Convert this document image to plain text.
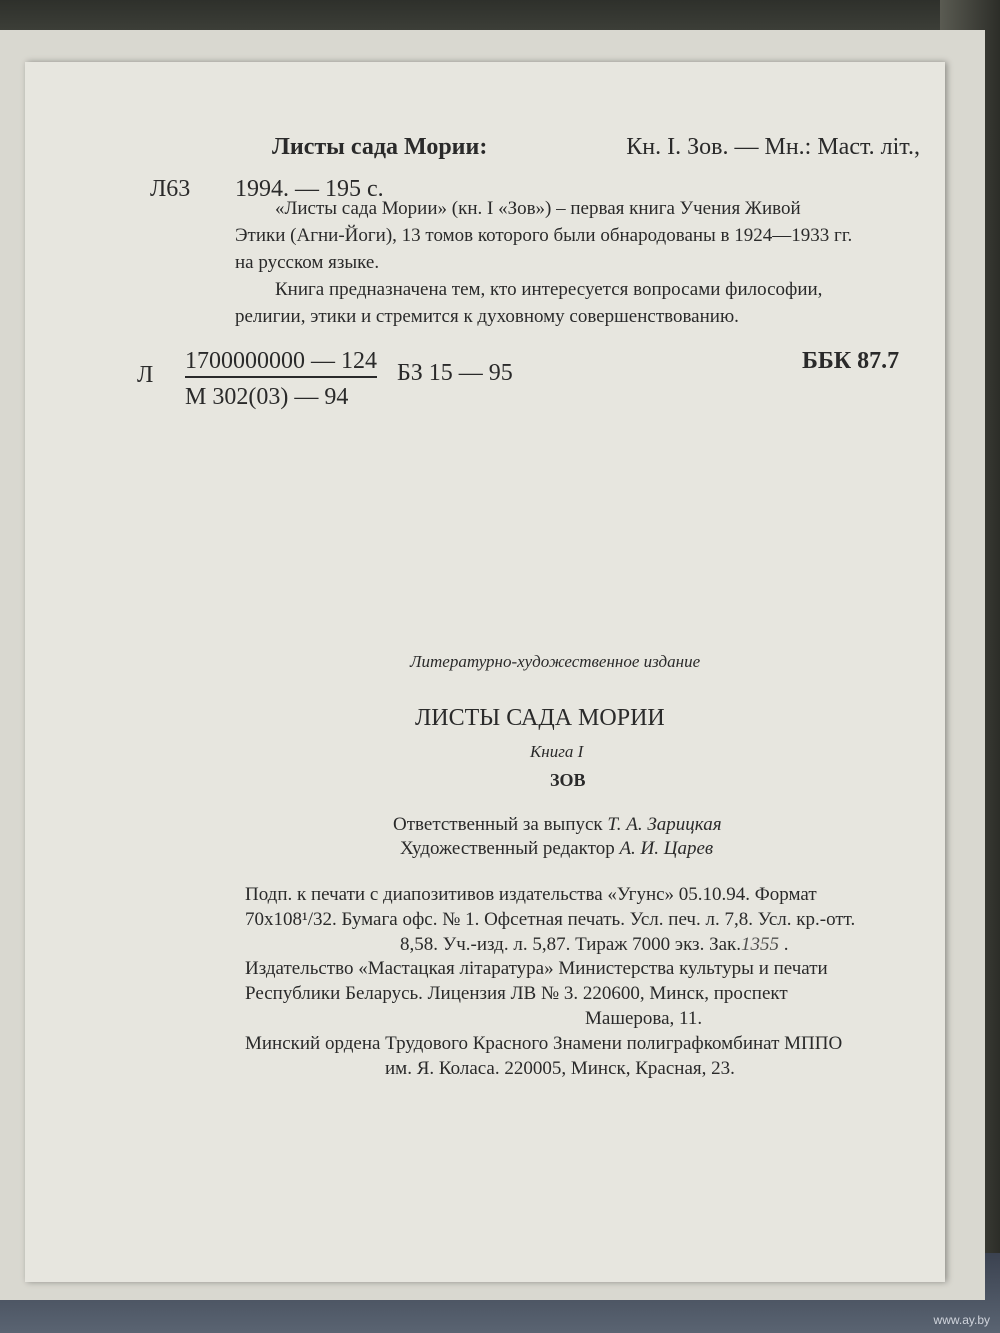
Листы сада Мории:	Кн. I. Зов. — Мн.: Маст. літ.,
Л63 1994. — 195 с.
«Листы сада Мории» (кн. I «Зов») – первая книга Учения Живой
Этики (Агни-Йоги), 13 томов которого были обнародованы в 1924—1933 гг.
на русском языке.
Книга предназначена тем, кто интересуется вопросами философии,
религии, этики и стремится к духовному совершенствованию.
Л
1700000000 — 124
М 302(03) — 94
БЗ 15 — 95	ББК 87.7
Литературно-художественное издание
ЛИСТЫ САДА МОРИИ
Книга I
ЗОВ
Ответственный за выпуск Т. А. Зарицкая
Художественный редактор А. И. Царев
Подп. к печати с диапозитивов издательства «Угунс» 05.10.94. Формат
70x108¹/32. Бумага офс. № 1. Офсетная печать. Усл. печ. л. 7,8. Усл. кр.-отт.
8,58. Уч.-изд. л. 5,87. Тираж 7000 экз. Зак.1355 .
Издательство «Мастацкая літаратура» Министерства культуры и печати
Республики Беларусь. Лицензия ЛВ № 3. 220600, Минск, проспект
Машерова, 11.
Минский ордена Трудового Красного Знамени полиграфкомбинат МППО
им. Я. Коласа. 220005, Минск, Красная, 23.
www.ay.by
